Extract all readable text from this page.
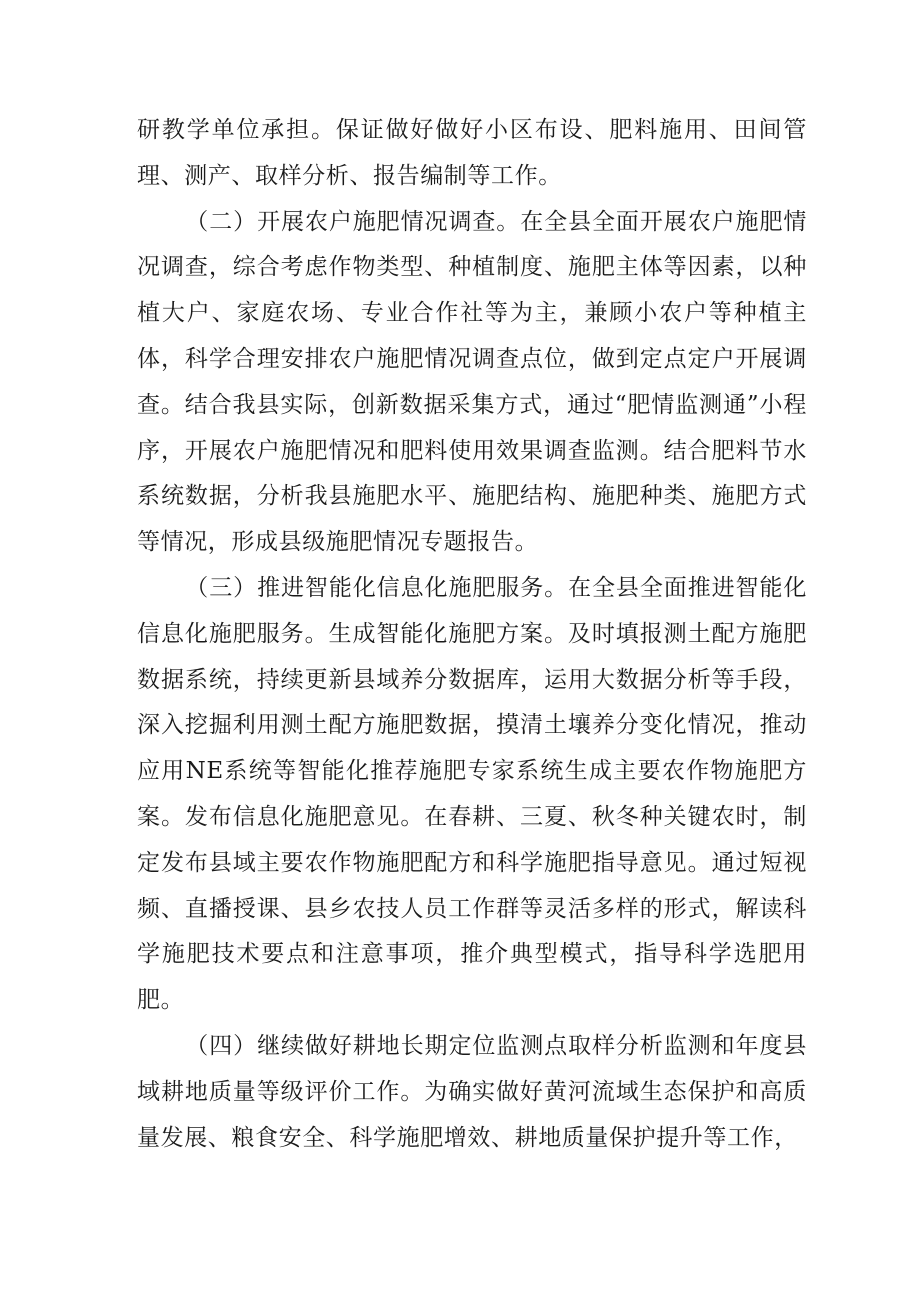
研教学单位承担。保证做好做好小区布设、肥料施用、田间管理、测产、取样分析、报告编制等工作。

（二）开展农户施肥情况调查。在全县全面开展农户施肥情况调查，综合考虑作物类型、种植制度、施肥主体等因素，以种植大户、家庭农场、专业合作社等为主，兼顾小农户等种植主体，科学合理安排农户施肥情况调查点位，做到定点定户开展调查。结合我县实际，创新数据采集方式，通过“肥情监测通”小程序，开展农户施肥情况和肥料使用效果调查监测。结合肥料节水系统数据，分析我县施肥水平、施肥结构、施肥种类、施肥方式等情况，形成县级施肥情况专题报告。

（三）推进智能化信息化施肥服务。在全县全面推进智能化信息化施肥服务。生成智能化施肥方案。及时填报测土配方施肥数据系统，持续更新县域养分数据库，运用大数据分析等手段，深入挖掘利用测土配方施肥数据，摸清土壤养分变化情况，推动应用NE系统等智能化推荐施肥专家系统生成主要农作物施肥方案。发布信息化施肥意见。在春耕、三夏、秋冬种关键农时，制定发布县域主要农作物施肥配方和科学施肥指导意见。通过短视频、直播授课、县乡农技人员工作群等灵活多样的形式，解读科学施肥技术要点和注意事项，推介典型模式，指导科学选肥用肥。

（四）继续做好耕地长期定位监测点取样分析监测和年度县域耕地质量等级评价工作。为确实做好黄河流域生态保护和高质量发展、粮食安全、科学施肥增效、耕地质量保护提升等工作，
